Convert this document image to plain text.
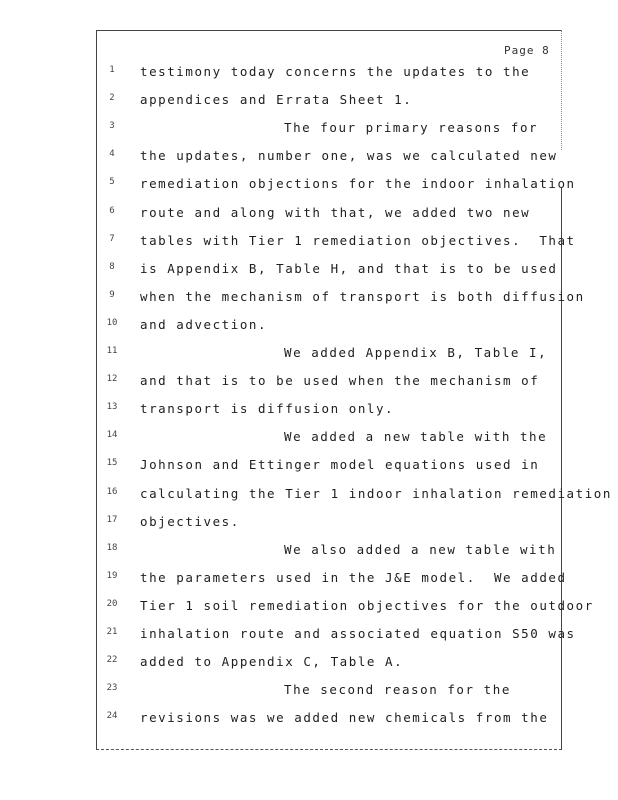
Page 8
1	testimony today concerns the updates to the
2	appendices and Errata Sheet 1.
3	The four primary reasons for
4	the updates, number one, was we calculated new
5	remediation objections for the indoor inhalation
6	route and along with that, we added two new
7	tables with Tier 1 remediation objectives.  That
8	is Appendix B, Table H, and that is to be used
9	when the mechanism of transport is both diffusion
10 and advection.
11	We added Appendix B, Table I,
12 and that is to be used when the mechanism of
13 transport is diffusion only.
14	We added a new table with the
15 Johnson and Ettinger model equations used in
16 calculating the Tier 1 indoor inhalation remediation
17 objectives.
18	We also added a new table with
19 the parameters used in the J&E model.  We added
20 Tier 1 soil remediation objectives for the outdoor
21 inhalation route and associated equation S50 was
22 added to Appendix C, Table A.
23	The second reason for the
24 revisions was we added new chemicals from the
